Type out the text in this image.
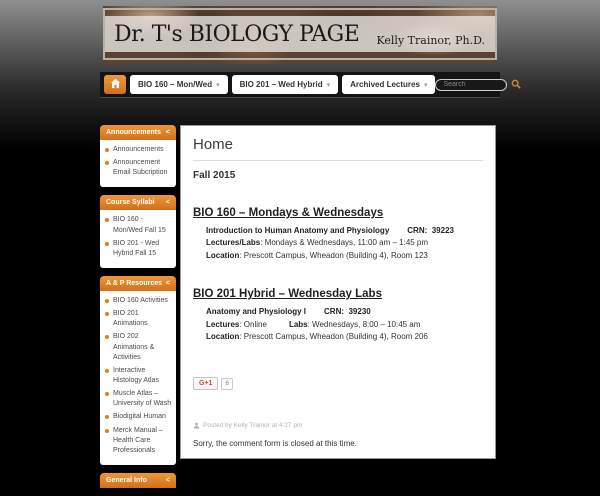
Dr. T's BIOLOGY PAGE Kelly Trainor, Ph.D.
BIO 160 – Mon/Wed ▾	BIO 201 – Wed Hybrid ▾	Archived Lectures ▾
Search
Announcements <
Announcements
Announcement Email Subcription
Course Syllabi <
BIO 160 - Mon/Wed Fall 15
BIO 201 - Wed Hybrid Fall 15
A & P Resources <
BIO 160 Activities
BIO 201 Animations
BIO 202 Animations & Activities
Interactive Histology Atlas
Muscle Atlas – University of Wash
Biodigital Human
Merck Manual – Health Care Professionals
General Info	<
Home
Fall 2015
BIO 160 – Mondays & Wednesdays
Introduction to Human Anatomy and Physiology CRN: 39223
Lectures/Labs: Mondays & Wednesdays, 11:00 am – 1:45 pm
Location: Prescott Campus, Wheadon (Building 4), Room 123
BIO 201 Hybrid – Wednesday Labs
Anatomy and Physiology I CRN: 39230
Lectures: Online	Labs: Wednesdays, 8:00 – 10:45 am
Location: Prescott Campus, Wheadon (Building 4), Room 206
G+1	6
Posted by Kelly Trainor at 4:27 pm
Sorry, the comment form is closed at this time.
